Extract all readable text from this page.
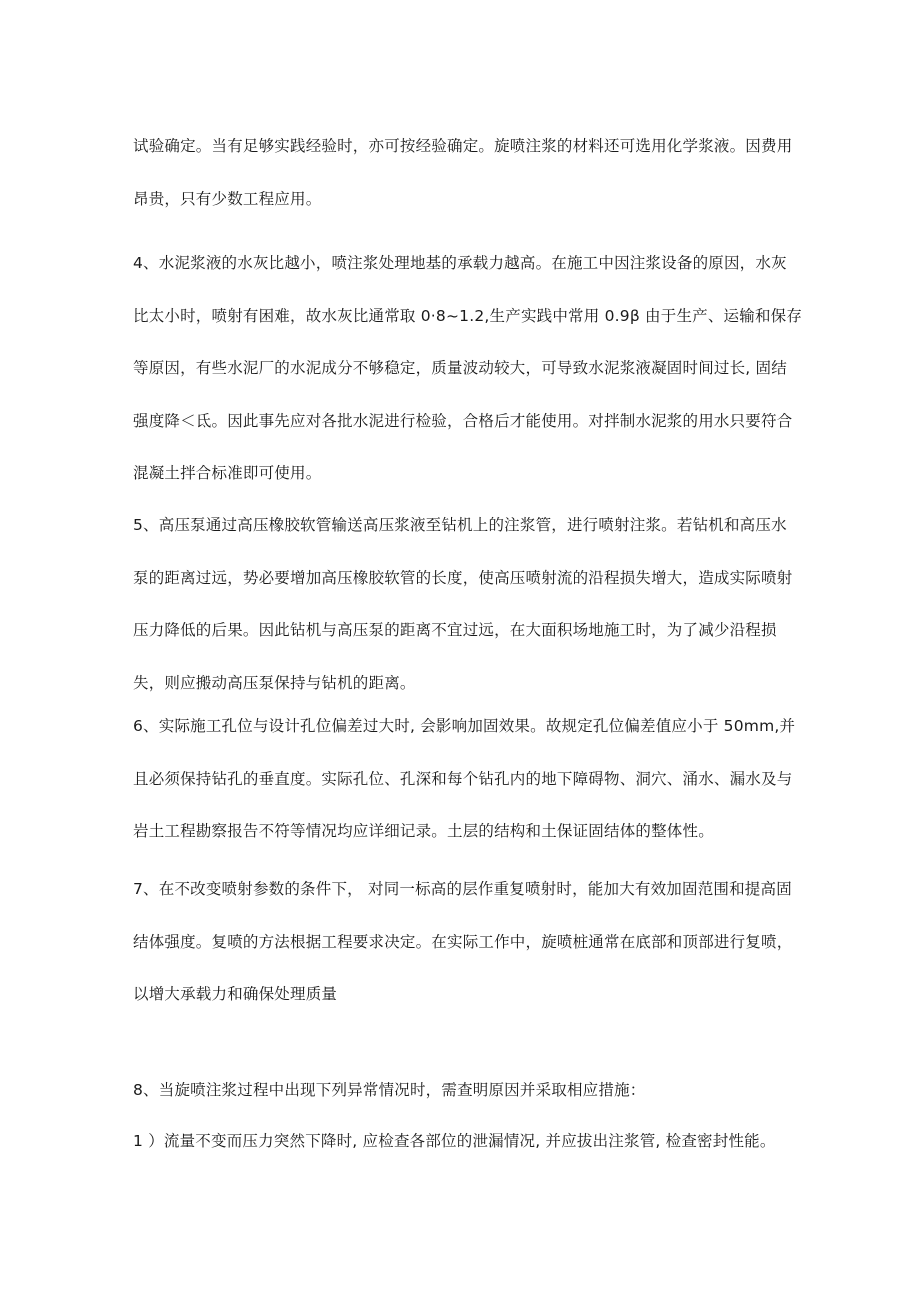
试验确定。当有足够实践经验时，亦可按经验确定。旋喷注浆的材料还可选用化学浆液。因费用
昂贵，只有少数工程应用。

4、水泥浆液的水灰比越小，喷注浆处理地基的承载力越高。在施工中因注浆设备的原因，水灰
比太小时，喷射有困难，故水灰比通常取 0·8~1.2,生产实践中常用 0.9β 由于生产、运输和保存
等原因，有些水泥厂的水泥成分不够稳定，质量波动较大，可导致水泥浆液凝固时间过长, 固结
强度降＜氐。因此事先应对各批水泥进行检验，合格后才能使用。对拌制水泥浆的用水只要符合
混凝土拌合标准即可使用。

5、高压泵通过高压橡胶软管输送高压浆液至钻机上的注浆管，进行喷射注浆。若钻机和高压水
泵的距离过远，势必要增加高压橡胶软管的长度，使高压喷射流的沿程损失增大，造成实际喷射
压力降低的后果。因此钻机与高压泵的距离不宜过远，在大面积场地施工时，为了减少沿程损
失，则应搬动高压泵保持与钻机的距离。

6、实际施工孔位与设计孔位偏差过大时, 会影响加固效果。故规定孔位偏差值应小于 50mm,并
且必须保持钻孔的垂直度。实际孔位、孔深和每个钻孔内的地下障碍物、洞穴、涌水、漏水及与
岩土工程勘察报告不符等情况均应详细记录。土层的结构和土保证固结体的整体性。

7、在不改变喷射参数的条件下， 对同一标高的层作重复喷射时，能加大有效加固范围和提高固
结体强度。复喷的方法根据工程要求决定。在实际工作中，旋喷桩通常在底部和顶部进行复喷，
以增大承载力和确保处理质量

8、当旋喷注浆过程中出现下列异常情况时，需查明原因并采取相应措施：

1 ）流量不变而压力突然下降时, 应检查各部位的泄漏情况, 并应拔出注浆管, 检查密封性能。
